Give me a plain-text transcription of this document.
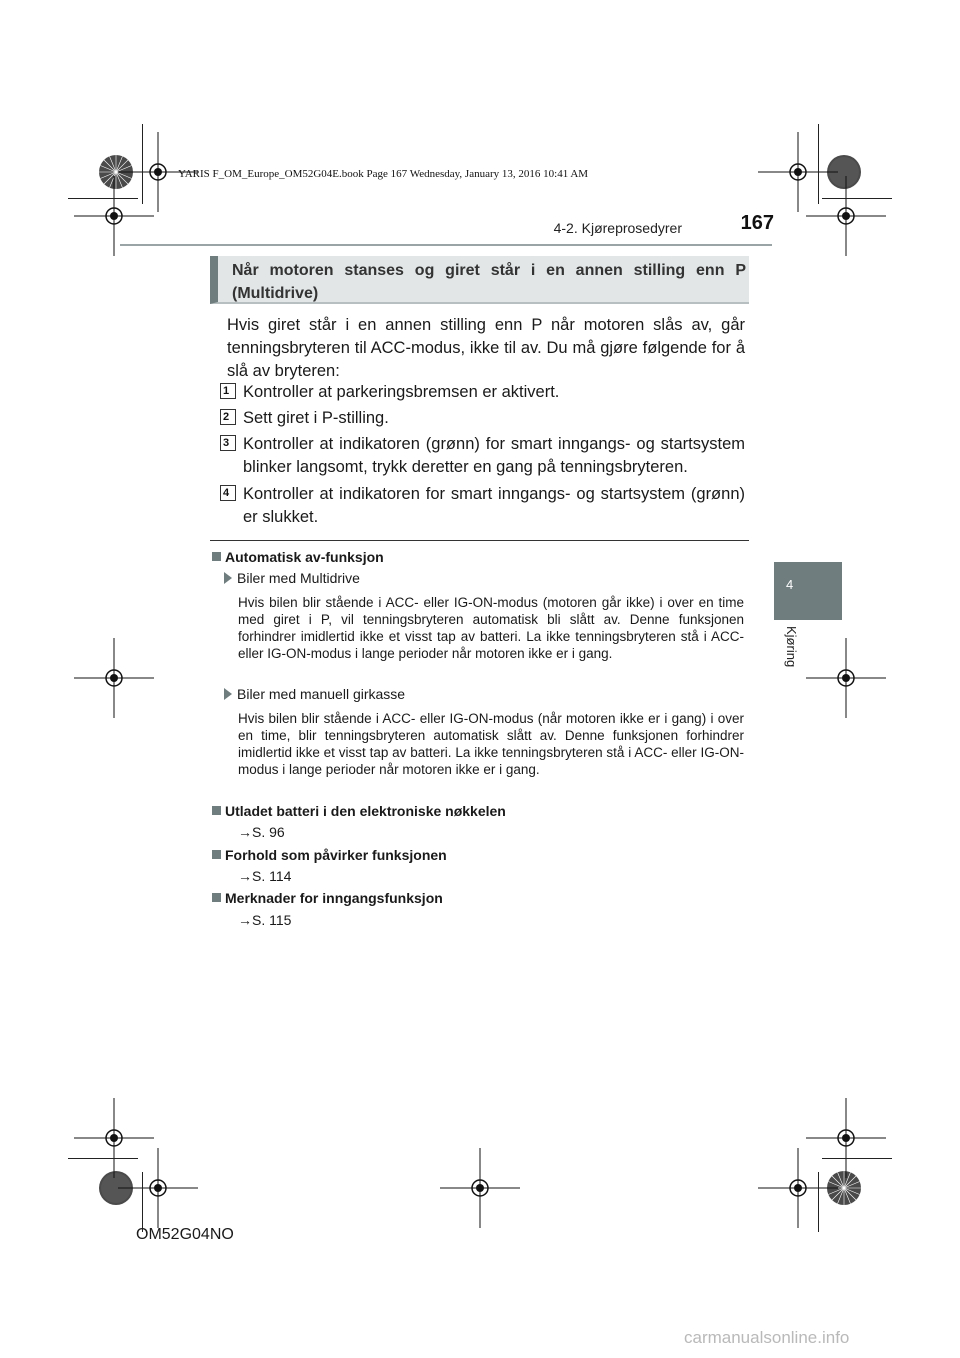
YARIS F_OM_Europe_OM52G04E.book Page 167 Wednesday, January 13, 2016 10:41 AM
4-2. Kjøreprosedyrer	167
4
Kjøring
Når motoren stanses og giret står i en annen stilling enn P (Multidrive)
Hvis giret står i en annen stilling enn P når motoren slås av, går tenningsbryteren til ACC-modus, ikke til av. Du må gjøre følgende for å slå av bryteren:
1 Kontroller at parkeringsbremsen er aktivert.
2 Sett giret i P-stilling.
3 Kontroller at indikatoren (grønn) for smart inngangs- og startsystem blinker langsomt, trykk deretter en gang på tenningsbryteren.
4 Kontroller at indikatoren for smart inngangs- og startsystem (grønn) er slukket.
Automatisk av-funksjon
Biler med Multidrive
Hvis bilen blir stående i ACC- eller IG-ON-modus (motoren går ikke) i over en time med giret i P, vil tenningsbryteren automatisk bli slått av. Denne funksjonen forhindrer imidlertid ikke et visst tap av batteri. La ikke tenningsbryteren stå i ACC- eller IG-ON-modus i lange perioder når motoren ikke er i gang.
Biler med manuell girkasse
Hvis bilen blir stående i ACC- eller IG-ON-modus (når motoren ikke er i gang) i over en time, blir tenningsbryteren automatisk slått av. Denne funksjonen forhindrer imidlertid ikke et visst tap av batteri. La ikke tenningsbryteren stå i ACC- eller IG-ON-modus i lange perioder når motoren ikke er i gang.
Utladet batteri i den elektroniske nøkkelen
→S. 96
Forhold som påvirker funksjonen
→S. 114
Merknader for inngangsfunksjon
→S. 115
OM52G04NO
carmanualsonline.info
